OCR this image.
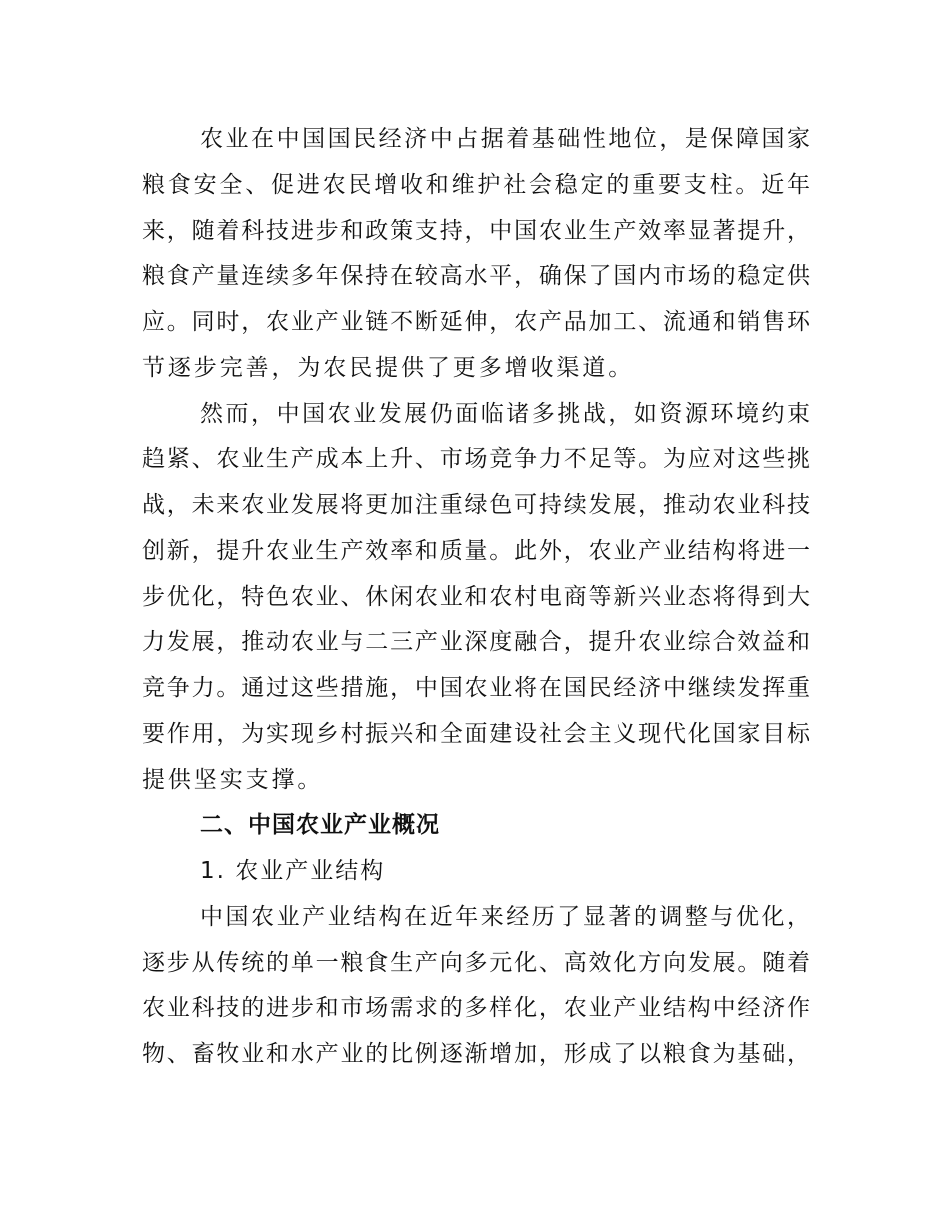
农业在中国国民经济中占据着基础性地位，是保障国家
粮食安全、促进农民增收和维护社会稳定的重要支柱。近年
来，随着科技进步和政策支持，中国农业生产效率显著提升，
粮食产量连续多年保持在较高水平，确保了国内市场的稳定供
应。同时，农业产业链不断延伸，农产品加工、流通和销售环
节逐步完善，为农民提供了更多增收渠道。
然而，中国农业发展仍面临诸多挑战，如资源环境约束
趋紧、农业生产成本上升、市场竞争力不足等。为应对这些挑
战，未来农业发展将更加注重绿色可持续发展，推动农业科技
创新，提升农业生产效率和质量。此外，农业产业结构将进一
步优化，特色农业、休闲农业和农村电商等新兴业态将得到大
力发展，推动农业与二三产业深度融合，提升农业综合效益和
竞争力。通过这些措施，中国农业将在国民经济中继续发挥重
要作用，为实现乡村振兴和全面建设社会主义现代化国家目标
提供坚实支撑。
二、中国农业产业概况
1. 农业产业结构
中国农业产业结构在近年来经历了显著的调整与优化，
逐步从传统的单一粮食生产向多元化、高效化方向发展。随着
农业科技的进步和市场需求的多样化，农业产业结构中经济作
物、畜牧业和水产业的比例逐渐增加，形成了以粮食为基础，
